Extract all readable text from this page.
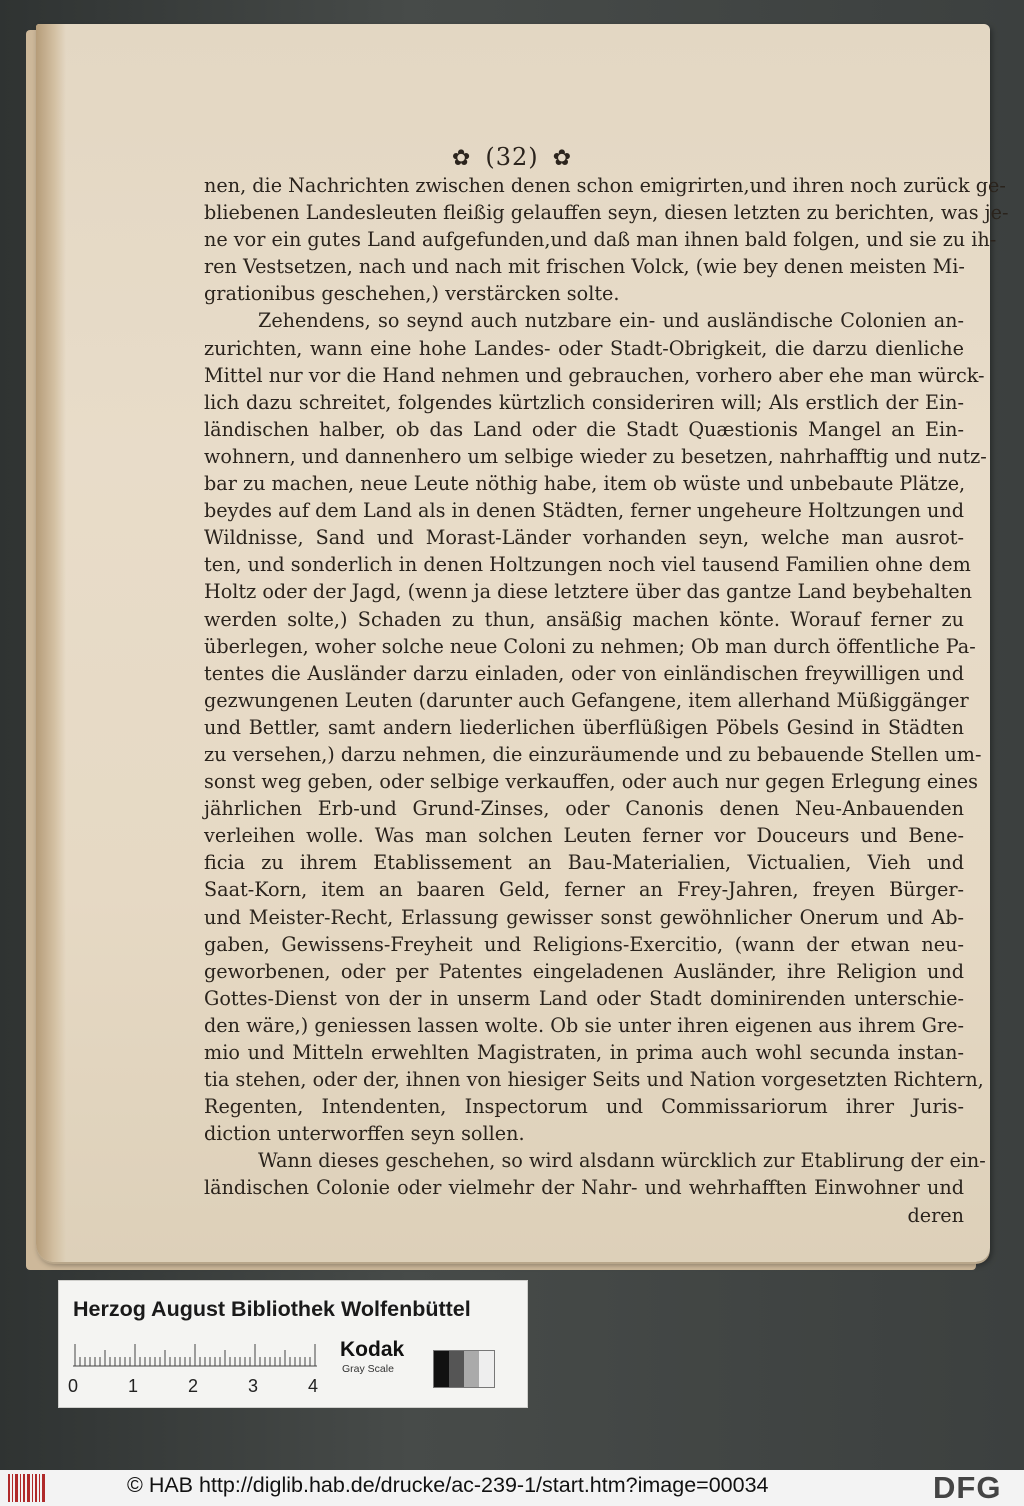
✿ (32) ✿
nen, die Nachrichten zwischen denen schon emigrirten,und ihren noch zurück ge-
bliebenen Landesleuten fleißig gelauffen seyn, diesen letzten zu berichten, was je-
ne vor ein gutes Land aufgefunden,und daß man ihnen bald folgen, und sie zu ih-
ren Vestsetzen, nach und nach mit frischen Volck, (wie bey denen meisten Mi-
grationibus geschehen,) verstärcken solte.
Zehendens, so seynd auch nutzbare ein- und ausländische Colonien an-
zurichten, wann eine hohe Landes- oder Stadt-Obrigkeit, die darzu dienliche
Mittel nur vor die Hand nehmen und gebrauchen, vorhero aber ehe man würck-
lich dazu schreitet, folgendes kürtzlich consideriren will; Als erstlich der Ein-
ländischen halber, ob das Land oder die Stadt Quæstionis Mangel an Ein-
wohnern, und dannenhero um selbige wieder zu besetzen, nahrhafftig und nutz-
bar zu machen, neue Leute nöthig habe, item ob wüste und unbebaute Plätze,
beydes auf dem Land als in denen Städten, ferner ungeheure Holtzungen und
Wildnisse, Sand und Morast-Länder vorhanden seyn, welche man ausrot-
ten, und sonderlich in denen Holtzungen noch viel tausend Familien ohne dem
Holtz oder der Jagd, (wenn ja diese letztere über das gantze Land beybehalten
werden solte,) Schaden zu thun, ansäßig machen könte. Worauf ferner zu
überlegen, woher solche neue Coloni zu nehmen; Ob man durch öffentliche Pa-
tentes die Ausländer darzu einladen, oder von einländischen freywilligen und
gezwungenen Leuten (darunter auch Gefangene, item allerhand Müßiggänger
und Bettler, samt andern liederlichen überflüßigen Pöbels Gesind in Städten
zu versehen,) darzu nehmen, die einzuräumende und zu bebauende Stellen um-
sonst weg geben, oder selbige verkauffen, oder auch nur gegen Erlegung eines
jährlichen Erb-und Grund-Zinses, oder Canonis denen Neu-Anbauenden
verleihen wolle. Was man solchen Leuten ferner vor Douceurs und Bene-
ficia zu ihrem Etablissement an Bau-Materialien, Victualien, Vieh und
Saat-Korn, item an baaren Geld, ferner an Frey-Jahren, freyen Bürger-
und Meister-Recht, Erlassung gewisser sonst gewöhnlicher Onerum und Ab-
gaben, Gewissens-Freyheit und Religions-Exercitio, (wann der etwan neu-
geworbenen, oder per Patentes eingeladenen Ausländer, ihre Religion und
Gottes-Dienst von der in unserm Land oder Stadt dominirenden unterschie-
den wäre,) geniessen lassen wolte. Ob sie unter ihren eigenen aus ihrem Gre-
mio und Mitteln erwehlten Magistraten, in prima auch wohl secunda instan-
tia stehen, oder der, ihnen von hiesiger Seits und Nation vorgesetzten Richtern,
Regenten, Intendenten, Inspectorum und Commissariorum ihrer Juris-
diction unterworffen seyn sollen.
Wann dieses geschehen, so wird alsdann würcklich zur Etablirung der ein-
ländischen Colonie oder vielmehr der Nahr- und wehrhafften Einwohner und
deren
Herzog August Bibliothek Wolfenbüttel
0	1	2	3	4
Kodak
Gray Scale
© HAB http://diglib.hab.de/drucke/ac-239-1/start.htm?image=00034	DFG
